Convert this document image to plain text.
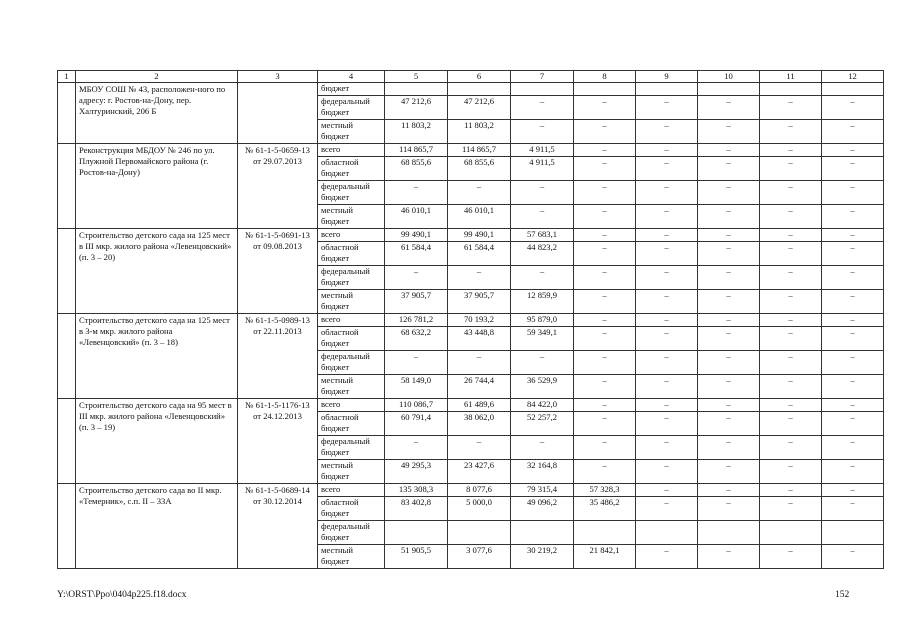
1	2	3	4	5	6	7	8	9	10	11	12
	МБОУ СОШ № 43, расположен-ного по адресу: г. Ростов-на-Дону, пер. Халтуринский, 206 Б		бюджет								
			федеральный бюджет	47 212,6	47 212,6	–	–	–	–	–	–
			местный бюджет	11 803,2	11 803,2	–	–	–	–	–	–
	Реконструкция МБДОУ № 246 по ул. Плужной Первомайского района (г. Ростов-на-Дону)	№ 61-1-5-0659-13 от 29.07.2013	всего	114 865,7	114 865,7	4 911,5	–	–	–	–	–
			областной бюджет	68 855,6	68 855,6	4 911,5	–	–	–	–	–
			федеральный бюджет	–	–	–	–	–	–	–	–
			местный бюджет	46 010,1	46 010,1	–	–	–	–	–	–
	Строительство детского сада на 125 мест в III мкр. жилого района «Левенцовский» (п. 3 – 20)	№ 61-1-5-0691-13 от 09.08.2013	всего	99 490,1	99 490,1	57 683,1	–	–	–	–	–
			областной бюджет	61 584,4	61 584,4	44 823,2	–	–	–	–	–
			федеральный бюджет	–	–	–	–	–	–	–	–
			местный бюджет	37 905,7	37 905,7	12 859,9	–	–	–	–	–
	Строительство детского сада на 125 мест в 3-м мкр. жилого района «Левенцовский» (п. 3 – 18)	№ 61-1-5-0989-13 от 22.11.2013	всего	126 781,2	70 193,2	95 879,0	–	–	–	–	–
			областной бюджет	68 632,2	43 448,8	59 349,1	–	–	–	–	–
			федеральный бюджет	–	–	–	–	–	–	–	–
			местный бюджет	58 149,0	26 744,4	36 529,9	–	–	–	–	–
	Строительство детского сада на 95 мест в III мкр. жилого района «Левенцовский» (п. 3 – 19)	№ 61-1-5-1176-13 от 24.12.2013	всего	110 086,7	61 489,6	84 422,0	–	–	–	–	–
			областной бюджет	60 791,4	38 062,0	52 257,2	–	–	–	–	–
			федеральный бюджет	–	–	–	–	–	–	–	–
			местный бюджет	49 295,3	23 427,6	32 164,8	–	–	–	–	–
	Строительство детского сада во II мкр. «Темерник», с.п. II – 33А	№ 61-1-5-0689-14 от 30.12.2014	всего	135 308,3	8 077,6	79 315,4	57 328,3	–	–	–	–
			областной бюджет	83 402,8	5 000,0	49 096,2	35 486,2	–	–	–	–
			федеральный бюджет								
			местный бюджет	51 905,5	3 077,6	30 219,2	21 842,1	–	–	–	–
Y:\ORST\Ppo\0404p225.f18.docx	152
